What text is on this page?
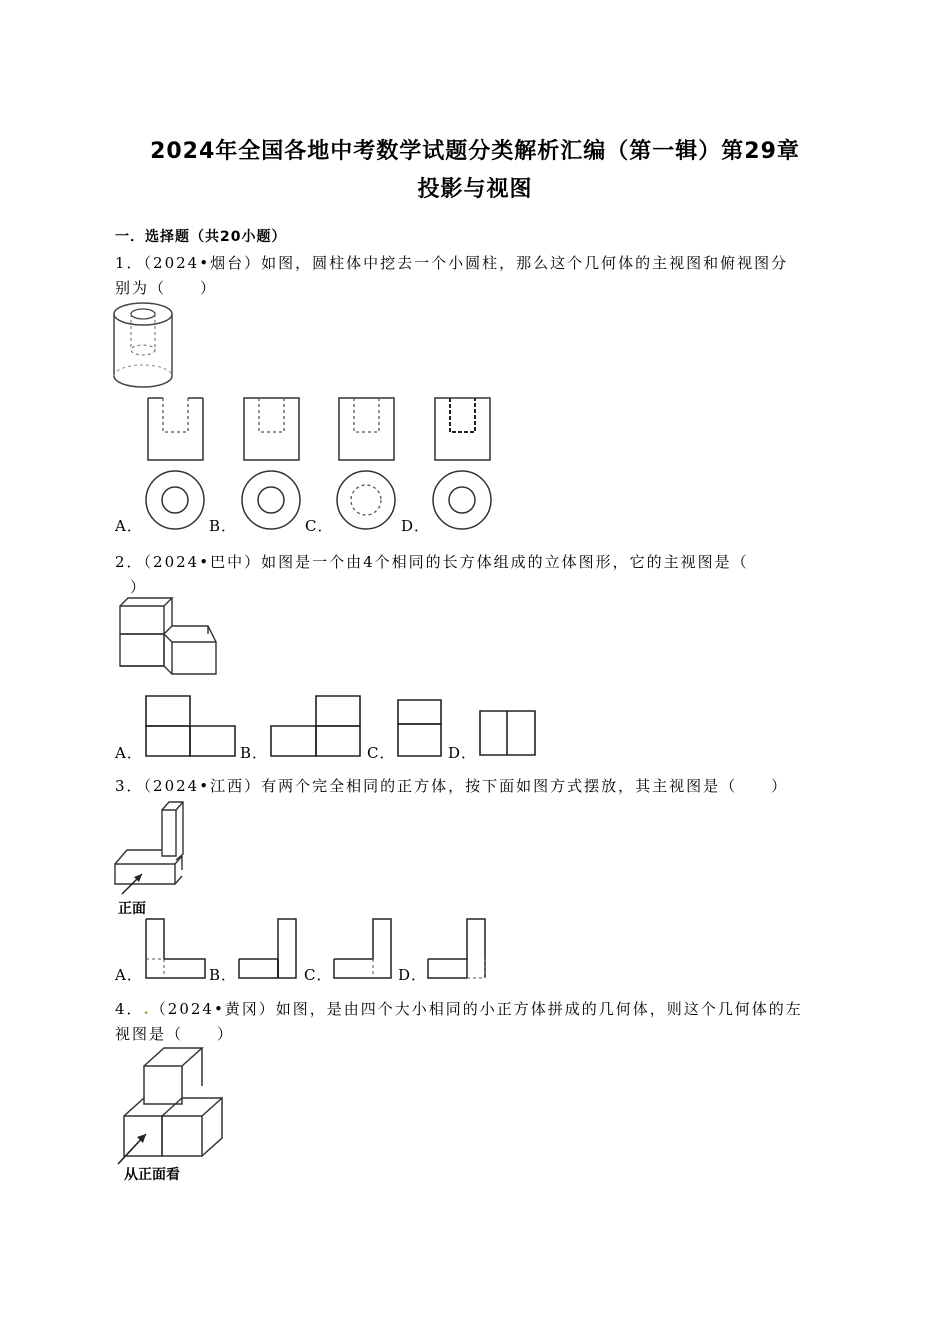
2024年全国各地中考数学试题分类解析汇编（第一辑）第29章
投影与视图
一．选择题（共20小题）
1．（2024•烟台）如图，圆柱体中挖去一个小圆柱，那么这个几何体的主视图和俯视图分
别为（　　）
A．	B．	C．	D．
2．（2024•巴中）如图是一个由4个相同的长方体组成的立体图形，它的主视图是（
）
A．	B．	C．	D．
3．（2024•江西）有两个完全相同的正方体，按下面如图方式摆放，其主视图是（　　）
正面
A．	B．	C．	D．
4．.（2024•黄冈）如图，是由四个大小相同的小正方体拼成的几何体，则这个几何体的左
视图是（　　）
从正面看
